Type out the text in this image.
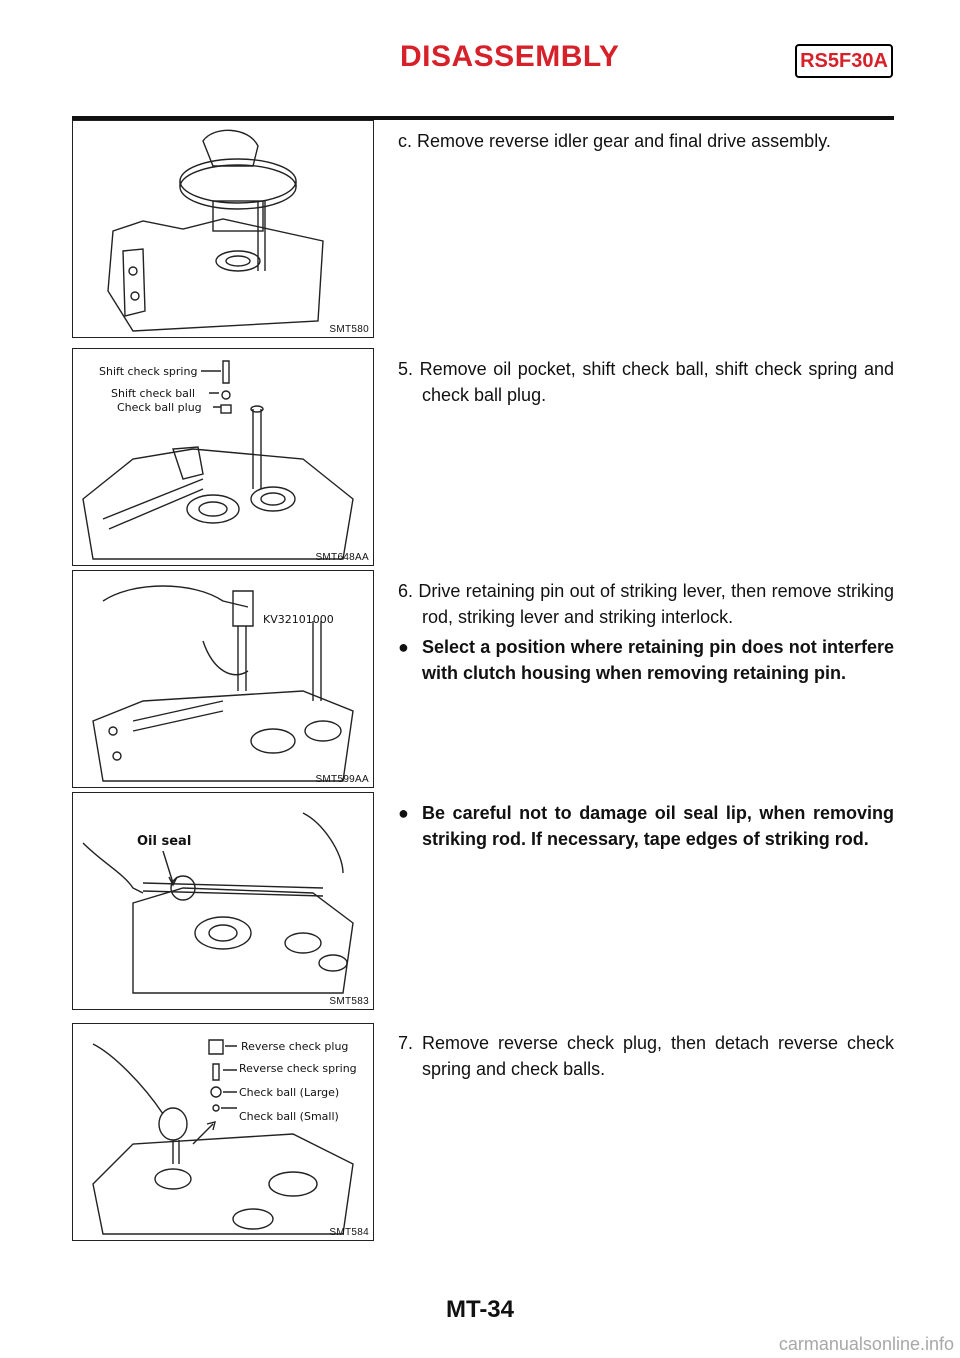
DISASSEMBLY	RS5F30A
SMT580
c. Remove reverse idler gear and final drive assembly.
Shift check spring
Shift check ball
Check ball plug
SMT648AA
5. Remove oil pocket, shift check ball, shift check spring and check ball plug.
KV32101000
SMT599AA
6. Drive retaining pin out of striking lever, then remove striking rod, striking lever and striking interlock.
● Select a position where retaining pin does not interfere with clutch housing when removing retaining pin.
Oil seal
SMT583
● Be careful not to damage oil seal lip, when removing striking rod. If necessary, tape edges of striking rod.
Reverse check plug
Reverse check spring
Check ball (Large)
Check ball (Small)
SMT584
7. Remove reverse check plug, then detach reverse check spring and check balls.
MT-34
carmanualsonline.info
